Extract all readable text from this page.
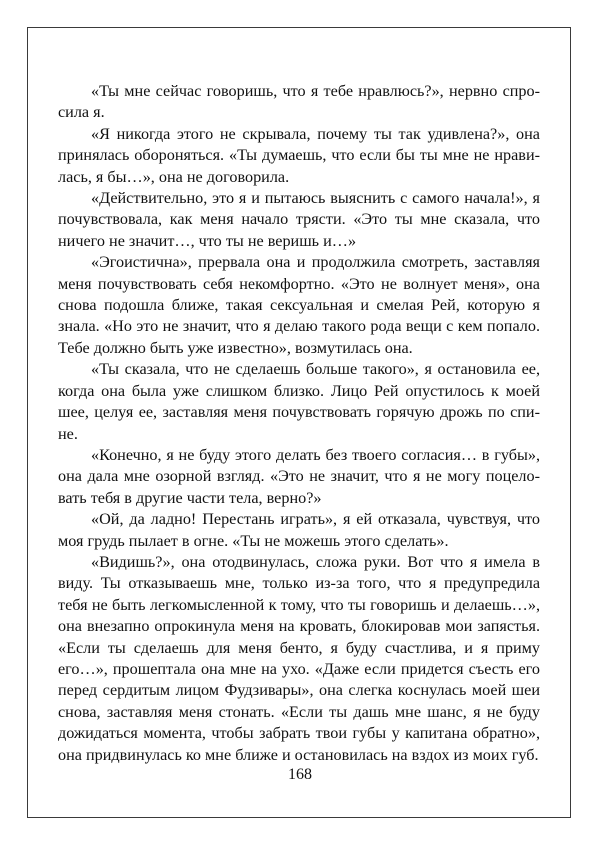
«Ты мне сейчас говоришь, что я тебе нравлюсь?», нервно спросила я.

«Я никогда этого не скрывала, почему ты так удивлена?», она принялась обороняться. «Ты думаешь, что если бы ты мне не нравилась, я бы…», она не договорила.

«Действительно, это я и пытаюсь выяснить с самого начала!», я почувствовала, как меня начало трясти. «Это ты мне сказала, что ничего не значит…, что ты не веришь и…»

«Эгоистична», прервала она и продолжила смотреть, заставляя меня почувствовать себя некомфортно. «Это не волнует меня», она снова подошла ближе, такая сексуальная и смелая Рей, которую я знала. «Но это не значит, что я делаю такого рода вещи с кем попало. Тебе должно быть уже известно», возмутилась она.

«Ты сказала, что не сделаешь больше такого», я остановила ее, когда она была уже слишком близко. Лицо Рей опустилось к моей шее, целуя ее, заставляя меня почувствовать горячую дрожь по спине.

«Конечно, я не буду этого делать без твоего согласия… в губы», она дала мне озорной взгляд. «Это не значит, что я не могу поцеловать тебя в другие части тела, верно?»

«Ой, да ладно! Перестань играть», я ей отказала, чувствуя, что моя грудь пылает в огне. «Ты не можешь этого сделать».

«Видишь?», она отодвинулась, сложа руки. Вот что я имела в виду. Ты отказываешь мне, только из-за того, что я предупредила тебя не быть легкомысленной к тому, что ты говоришь и делаешь…», она внезапно опрокинула меня на кровать, блокировав мои запястья. «Если ты сделаешь для меня бенто, я буду счастлива, и я приму его…», прошептала она мне на ухо. «Даже если придется съесть его перед сердитым лицом Фудзивары», она слегка коснулась моей шеи снова, заставляя меня стонать. «Если ты дашь мне шанс, я не буду дожидаться момента, чтобы забрать твои губы у капитана обратно», она придвинулась ко мне ближе и остановилась на вздох из моих губ.

168
